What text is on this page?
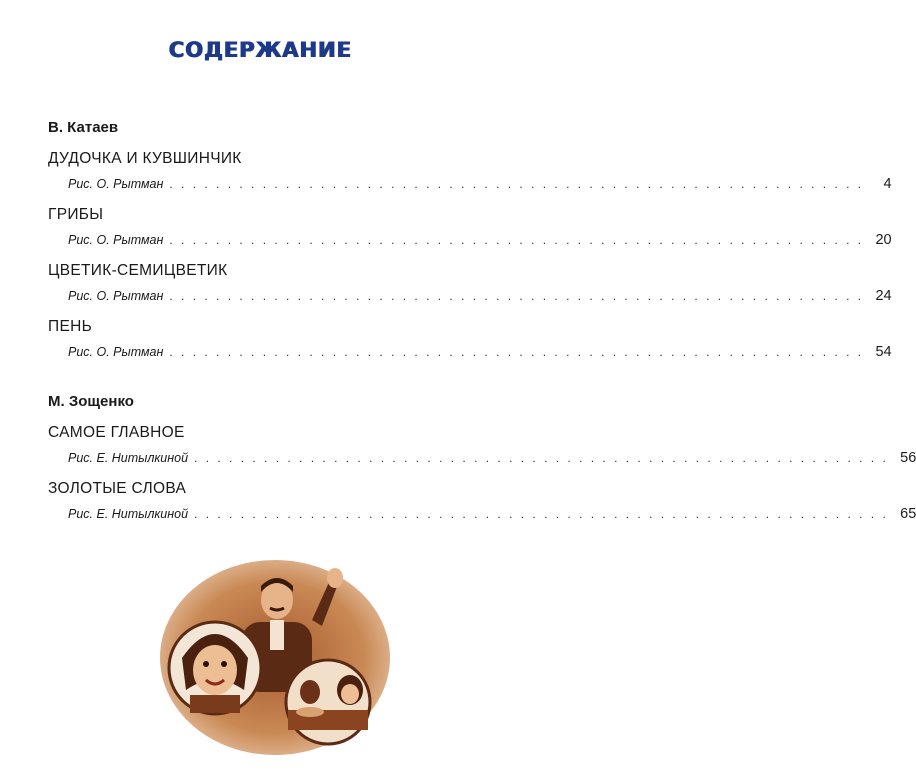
СОДЕРЖАНИЕ
В. Катаев
ДУДОЧКА И КУВШИНЧИК
Рис. О. Рытман . . . . . . . . . . . . . . . . . . . . . . . . . . . . . . . . . . . . . . . . . . . . . . . . . . . . . . . . . . . .	4
ГРИБЫ
Рис. О. Рытман . . . . . . . . . . . . . . . . . . . . . . . . . . . . . . . . . . . . . . . . . . . . . . . . . . . . . . . . . . . . 20
ЦВЕТИК-СЕМИЦВЕТИК
Рис. О. Рытман . . . . . . . . . . . . . . . . . . . . . . . . . . . . . . . . . . . . . . . . . . . . . . . . . . . . . . . . . . . . 24
ПЕНЬ
Рис. О. Рытман . . . . . . . . . . . . . . . . . . . . . . . . . . . . . . . . . . . . . . . . . . . . . . . . . . . . . . . . . . . . 54
М. Зощенко
САМОЕ ГЛАВНОЕ
Рис. Е. Нитылкиной . . . . . . . . . . . . . . . . . . . . . . . . . . . . . . . . . . . . . . . . . . . . . . . . . . . . . . . . . . . . 56
ЗОЛОТЫЕ СЛОВА
Рис. Е. Нитылкиной . . . . . . . . . . . . . . . . . . . . . . . . . . . . . . . . . . . . . . . . . . . . . . . . . . . . . . . . . . . . 65
